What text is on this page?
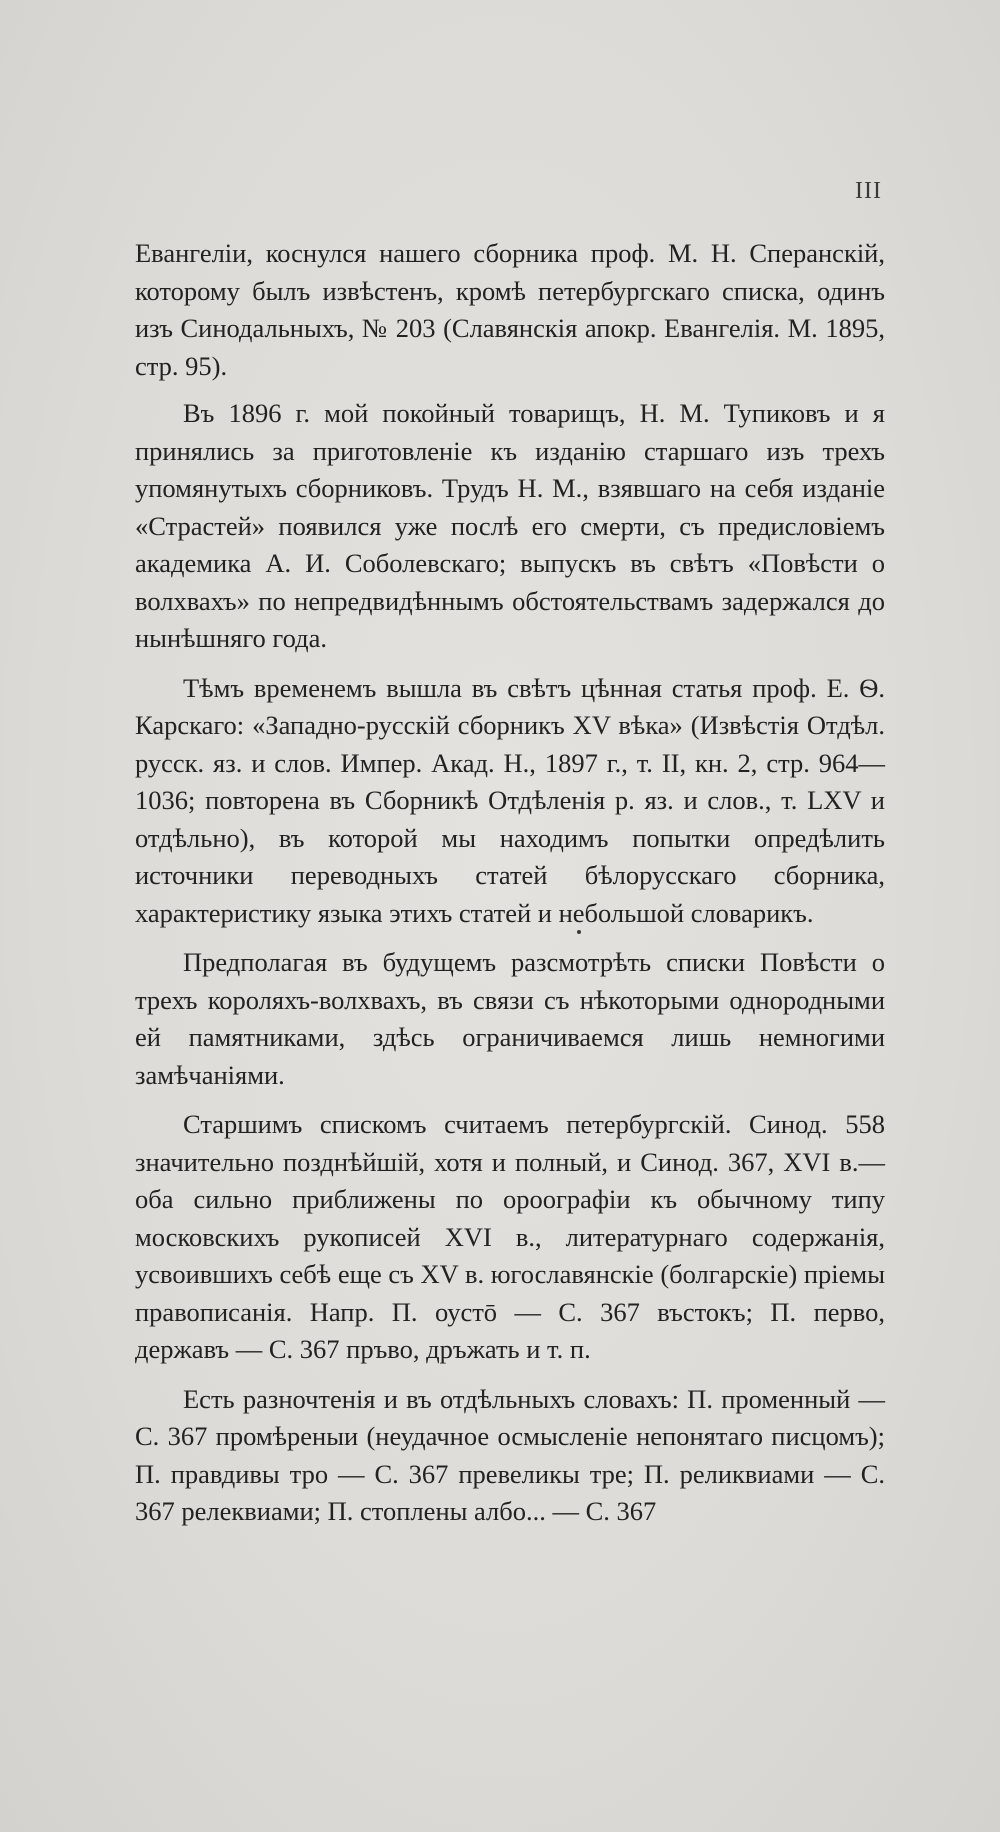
III

Евангелiи, коснулся нашего сборника проф. М. Н. Сперанскiй, которому былъ извѣстенъ, кромѣ петербургскаго списка, одинъ изъ Синодальныхъ, № 203 (Славянскiя апокр. Евангелiя. М. 1895, стр. 95).

Въ 1896 г. мой покойный товарищъ, Н. М. Тупиковъ и я принялись за приготовленiе къ изданiю старшаго изъ трехъ упомянутыхъ сборниковъ. Трудъ Н. М., взявшаго на себя изданiе «Страстей» появился уже послѣ его смерти, съ предисловiемъ академика А. И. Соболевскаго; выпускъ въ свѣтъ «Повѣсти о волхвахъ» по непредвидѣннымъ обстоятельствамъ задержался до нынѣшняго года.

Тѣмъ временемъ вышла въ свѣтъ цѣнная статья проф. Е. Ѳ. Карскаго: «Западно-русскiй сборникъ XV вѣка» (Извѣстiя Отдѣл. русск. яз. и слов. Импер. Акад. Н., 1897 г., т. II, кн. 2, стр. 964—1036; повторена въ Сборникѣ Отдѣленiя р. яз. и слов., т. LXV и отдѣльно), въ которой мы находимъ попытки опредѣлить источники переводныхъ статей бѣлорусскаго сборника, характеристику языка этихъ статей и небольшой словарикъ.

Предполагая въ будущемъ разсмотрѣть списки Повѣсти о трехъ короляхъ-волхвахъ, въ связи съ нѣкоторыми однородными ей памятниками, здѣсь ограничиваемся лишь немногими замѣчанiями.

Старшимъ спискомъ считаемъ петербургскiй. Синод. 558 значительно позднѣйшiй, хотя и полный, и Синод. 367, XVI в.— оба сильно приближены по ороографiи къ обычному типу московскихъ рукописей XVI в., литературнаго содержанiя, усвоившихъ себѣ еще съ XV в. югославянскiе (болгарскiе) прiемы правописанiя. Напр. П. оустō — С. 367 въстокъ; П. перво, державъ — С. 367 пръво, дръжать и т. п.

Есть разночтенiя и въ отдѣльныхъ словахъ: П. променный — С. 367 промѣреныи (неудачное осмысленiе непонятаго писцомъ); П. правдивы тро — С. 367 превеликы тре; П. реликвиами — С. 367 релеквиами; П. стоплены албо... — С. 367
